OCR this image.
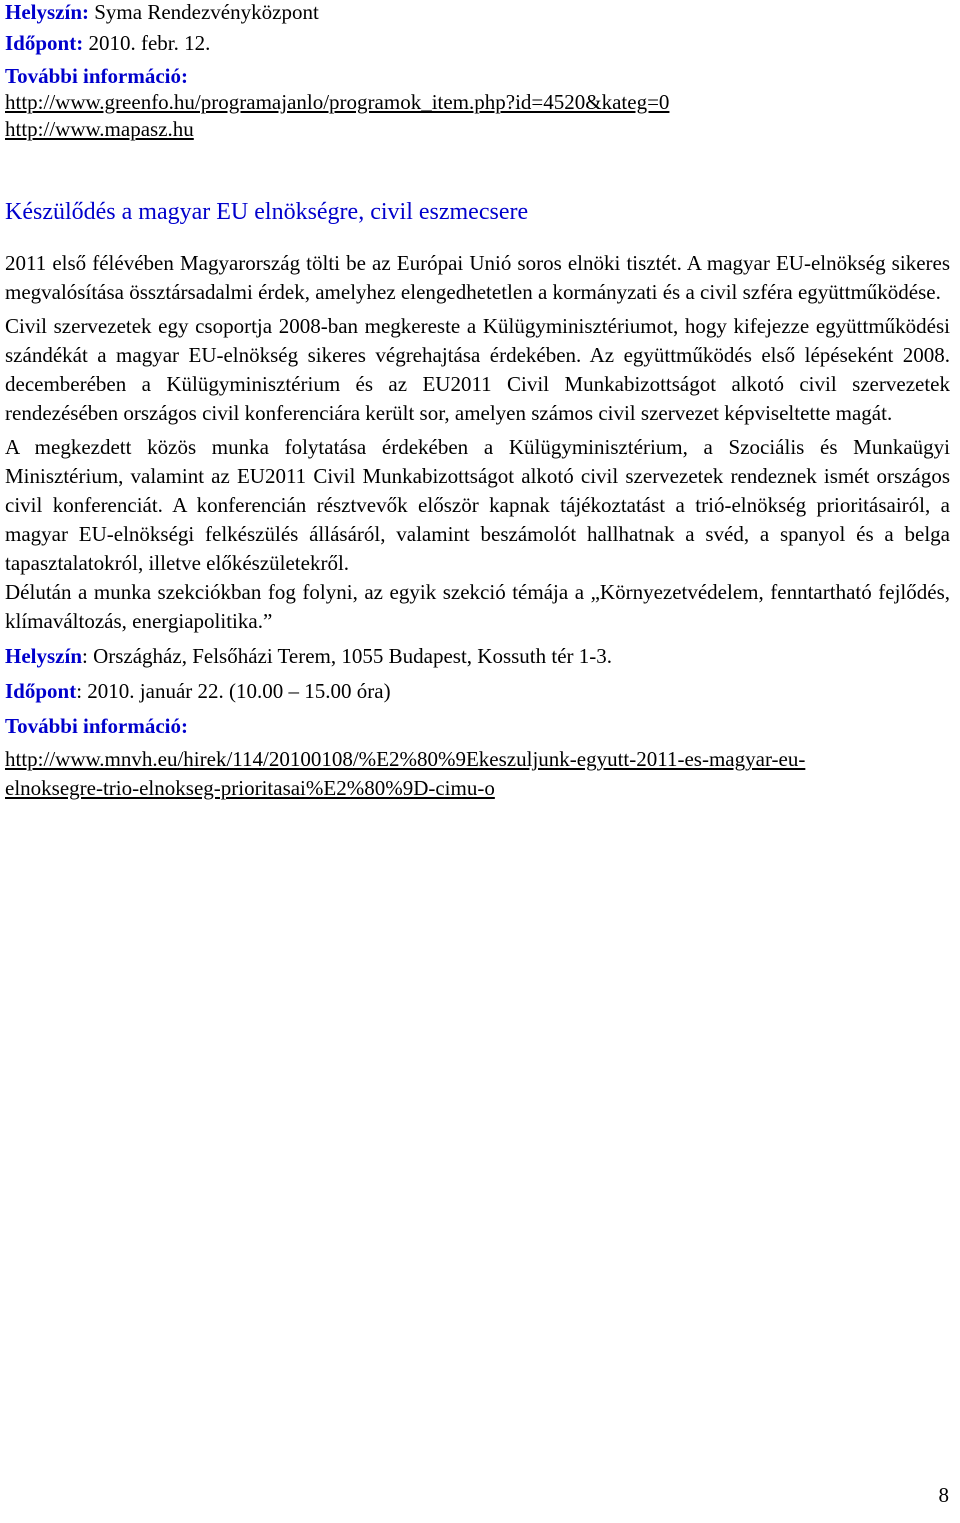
Helyszín: Syma Rendezvényközpont

Időpont: 2010. febr. 12.

További információ:

http://www.greenfo.hu/programajanlo/programok_item.php?id=4520&kateg=0

http://www.mapasz.hu

Készülődés a magyar EU elnökségre, civil eszmecsere

2011 első félévében Magyarország tölti be az Európai Unió soros elnöki tisztét. A magyar EU-elnökség sikeres megvalósítása össztársadalmi érdek, amelyhez elengedhetetlen a kormányzati és a civil szféra együttműködése.

Civil szervezetek egy csoportja 2008-ban megkereste a Külügyminisztériumot, hogy kifejezze együttműködési szándékát a magyar EU-elnökség sikeres végrehajtása érdekében. Az együttműködés első lépéseként 2008. decemberében a Külügyminisztérium és az EU2011 Civil Munkabizottságot alkotó civil szervezetek rendezésében országos civil konferenciára került sor, amelyen számos civil szervezet képviseltette magát.

A megkezdett közös munka folytatása érdekében a Külügyminisztérium, a Szociális és Munkaügyi Minisztérium, valamint az EU2011 Civil Munkabizottságot alkotó civil szervezetek rendeznek ismét országos civil konferenciát. A konferencián résztvevők először kapnak tájékoztatást a trió-elnökség prioritásairól, a magyar EU-elnökségi felkészülés állásáról, valamint beszámolót hallhatnak a svéd, a spanyol és a belga tapasztalatokról, illetve előkészületekről.

Délután a munka szekciókban fog folyni, az egyik szekció témája a „Környezetvédelem, fenntartható fejlődés, klímaváltozás, energiapolitika.”

Helyszín: Országház, Felsőházi Terem, 1055 Budapest, Kossuth tér 1-3.

Időpont: 2010. január 22. (10.00 – 15.00 óra)

További információ:

http://www.mnvh.eu/hirek/114/20100108/%E2%80%9Ekeszuljunk-egyutt-2011-es-magyar-eu-

elnoksegre-trio-elnokseg-prioritasai%E2%80%9D-cimu-o

8
